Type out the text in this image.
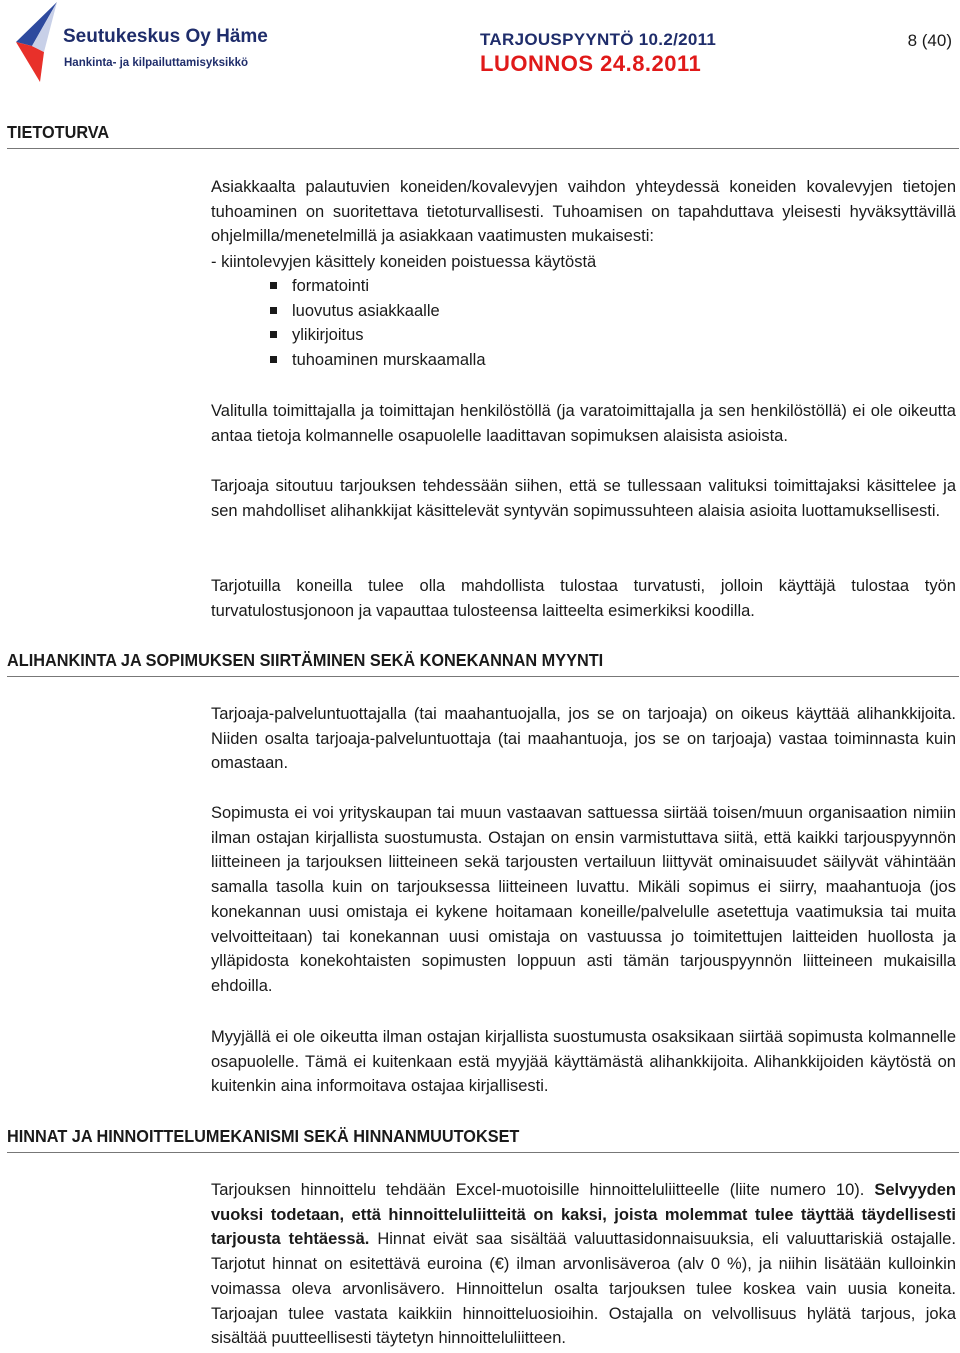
Seutukeskus Oy Häme
Hankinta- ja kilpailuttamisyksikkö
TARJOUSPYYNTÖ 10.2/2011
LUONNOS 24.8.2011
8 (40)
TIETOTURVA
Asiakkaalta palautuvien koneiden/kovalevyjen vaihdon yhteydessä koneiden kovalevyjen tietojen tuhoaminen on suoritettava tietoturvallisesti. Tuhoamisen on tapahduttava yleisesti hyväksyttävillä ohjelmilla/menetelmillä ja asiakkaan vaatimusten mukaisesti:
- kiintolevyjen käsittely koneiden poistuessa käytöstä
formatointi
luovutus asiakkaalle
ylikirjoitus
tuhoaminen murskaamalla
Valitulla toimittajalla ja toimittajan henkilöstöllä (ja varatoimittajalla ja sen henkilöstöllä) ei ole oikeutta antaa tietoja kolmannelle osapuolelle laadittavan sopimuksen alaisista asioista.
Tarjoaja sitoutuu tarjouksen tehdessään siihen, että se tullessaan valituksi toimittajaksi käsittelee ja sen mahdolliset alihankkijat käsittelevät syntyvän sopimussuhteen alaisia asioita luottamuksellisesti.
Tarjotuilla koneilla tulee olla mahdollista tulostaa turvatusti, jolloin käyttäjä tulostaa työn turvatulostusjonoon ja vapauttaa tulosteensa laitteelta esimerkiksi koodilla.
ALIHANKINTA JA SOPIMUKSEN SIIRTÄMINEN SEKÄ KONEKANNAN MYYNTI
Tarjoaja-palveluntuottajalla (tai maahantuojalla, jos se on tarjoaja) on oikeus käyttää alihankkijoita. Niiden osalta tarjoaja-palveluntuottaja (tai maahantuoja, jos se on tarjoaja) vastaa toiminnasta kuin omastaan.
Sopimusta ei voi yrityskaupan tai muun vastaavan sattuessa siirtää toisen/muun organisaation nimiin ilman ostajan kirjallista suostumusta. Ostajan on ensin varmistuttava siitä, että kaikki tarjouspyynnön liitteineen ja tarjouksen liitteineen sekä tarjousten vertailuun liittyvät ominaisuudet säilyvät vähintään samalla tasolla kuin on tarjouksessa liitteineen luvattu. Mikäli sopimus ei siirry, maahantuoja (jos konekannan uusi omistaja ei kykene hoitamaan koneille/palvelulle asetettuja vaatimuksia tai muita velvoitteitaan) tai konekannan uusi omistaja on vastuussa jo toimitettujen laitteiden huollosta ja ylläpidosta konekohtaisten sopimusten loppuun asti tämän tarjouspyynnön liitteineen mukaisilla ehdoilla.
Myyjällä ei ole oikeutta ilman ostajan kirjallista suostumusta osaksikaan siirtää sopimusta kolmannelle osapuolelle. Tämä ei kuitenkaan estä myyjää käyttämästä alihankkijoita. Alihankkijoiden käytöstä on kuitenkin aina informoitava ostajaa kirjallisesti.
HINNAT JA HINNOITTELUMEKANISMI SEKÄ HINNANMUUTOKSET
Tarjouksen hinnoittelu tehdään Excel-muotoisille hinnoitteluliitteelle (liite numero 10). Selvyyden vuoksi todetaan, että hinnoitteluliitteitä on kaksi, joista molemmat tulee täyttää täydellisesti tarjousta tehtäessä. Hinnat eivät saa sisältää valuuttasidonnaisuuksia, eli valuuttariskiä ostajalle. Tarjotut hinnat on esitettävä euroina (€) ilman arvonlisäveroa (alv 0 %), ja niihin lisätään kulloinkin voimassa oleva arvonlisävero. Hinnoittelun osalta tarjouksen tulee koskea vain uusia koneita. Tarjoajan tulee vastata kaikkiin hinnoitteluosioihin. Ostajalla on velvollisuus hylätä tarjous, joka sisältää puutteellisesti täytetyn hinnoitteluliitteen.
